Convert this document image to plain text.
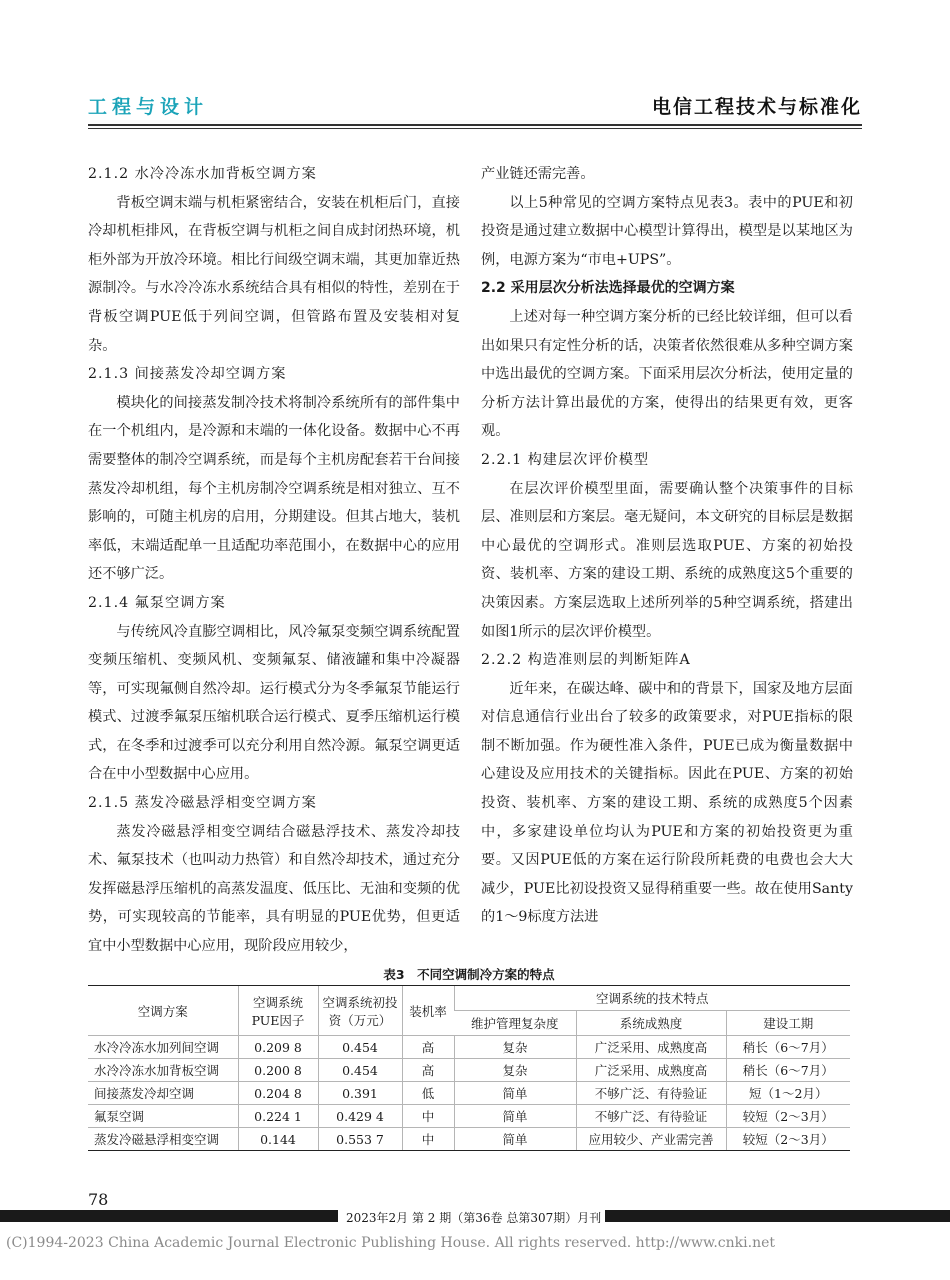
工程与设计	电信工程技术与标准化
2.1.2 水冷冷冻水加背板空调方案

背板空调末端与机柜紧密结合，安装在机柜后门，直接冷却机柜排风，在背板空调与机柜之间自成封闭热环境，机柜外部为开放冷环境。相比行间级空调末端，其更加靠近热源制冷。与水冷冷冻水系统结合具有相似的特性，差别在于背板空调PUE低于列间空调，但管路布置及安装相对复杂。

2.1.3 间接蒸发冷却空调方案

模块化的间接蒸发制冷技术将制冷系统所有的部件集中在一个机组内，是冷源和末端的一体化设备。数据中心不再需要整体的制冷空调系统，而是每个主机房配套若干台间接蒸发冷却机组，每个主机房制冷空调系统是相对独立、互不影响的，可随主机房的启用，分期建设。但其占地大，装机率低，末端适配单一且适配功率范围小，在数据中心的应用还不够广泛。

2.1.4 氟泵空调方案

与传统风冷直膨空调相比，风冷氟泵变频空调系统配置变频压缩机、变频风机、变频氟泵、储液罐和集中冷凝器等，可实现氟侧自然冷却。运行模式分为冬季氟泵节能运行模式、过渡季氟泵压缩机联合运行模式、夏季压缩机运行模式，在冬季和过渡季可以充分利用自然冷源。氟泵空调更适合在中小型数据中心应用。

2.1.5 蒸发冷磁悬浮相变空调方案

蒸发冷磁悬浮相变空调结合磁悬浮技术、蒸发冷却技术、氟泵技术（也叫动力热管）和自然冷却技术，通过充分发挥磁悬浮压缩机的高蒸发温度、低压比、无油和变频的优势，可实现较高的节能率，具有明显的PUE优势，但更适宜中小型数据中心应用，现阶段应用较少，

产业链还需完善。

以上5种常见的空调方案特点见表3。表中的PUE和初投资是通过建立数据中心模型计算得出，模型是以某地区为例，电源方案为“市电+UPS”。

2.2 采用层次分析法选择最优的空调方案

上述对每一种空调方案分析的已经比较详细，但可以看出如果只有定性分析的话，决策者依然很难从多种空调方案中选出最优的空调方案。下面采用层次分析法，使用定量的分析方法计算出最优的方案，使得出的结果更有效，更客观。

2.2.1 构建层次评价模型

在层次评价模型里面，需要确认整个决策事件的目标层、准则层和方案层。毫无疑问，本文研究的目标层是数据中心最优的空调形式。准则层选取PUE、方案的初始投资、装机率、方案的建设工期、系统的成熟度这5个重要的决策因素。方案层选取上述所列举的5种空调系统，搭建出如图1所示的层次评价模型。

2.2.2 构造准则层的判断矩阵A

近年来，在碳达峰、碳中和的背景下，国家及地方层面对信息通信行业出台了较多的政策要求，对PUE指标的限制不断加强。作为硬性准入条件，PUE已成为衡量数据中心建设及应用技术的关键指标。因此在PUE、方案的初始投资、装机率、方案的建设工期、系统的成熟度5个因素中，多家建设单位均认为PUE和方案的初始投资更为重要。又因PUE低的方案在运行阶段所耗费的电费也会大大减少，PUE比初设投资又显得稍重要一些。故在使用Santy的1～9标度方法进

表3　不同空调制冷方案的特点
空调方案	空调系统PUE因子	空调系统初投资（万元）	装机率	空调系统的技术特点		
				维护管理复杂度	系统成熟度	建设工期
水冷冷冻水加列间空调	0.209 8	0.454	高	复杂	广泛采用、成熟度高	稍长（6～7月）
水冷冷冻水加背板空调	0.200 8	0.454	高	复杂	广泛采用、成熟度高	稍长（6～7月）
间接蒸发冷却空调	0.204 8	0.391	低	简单	不够广泛、有待验证	短（1～2月）
氟泵空调	0.224 1	0.429 4	中	简单	不够广泛、有待验证	较短（2～3月）
蒸发冷磁悬浮相变空调	0.144	0.553 7	中	简单	应用较少、产业需完善	较短（2～3月）
78
2023年2月 第 2 期（第36卷 总第307期）月刊
(C)1994-2023 China Academic Journal Electronic Publishing House. All rights reserved. http://www.cnki.net
